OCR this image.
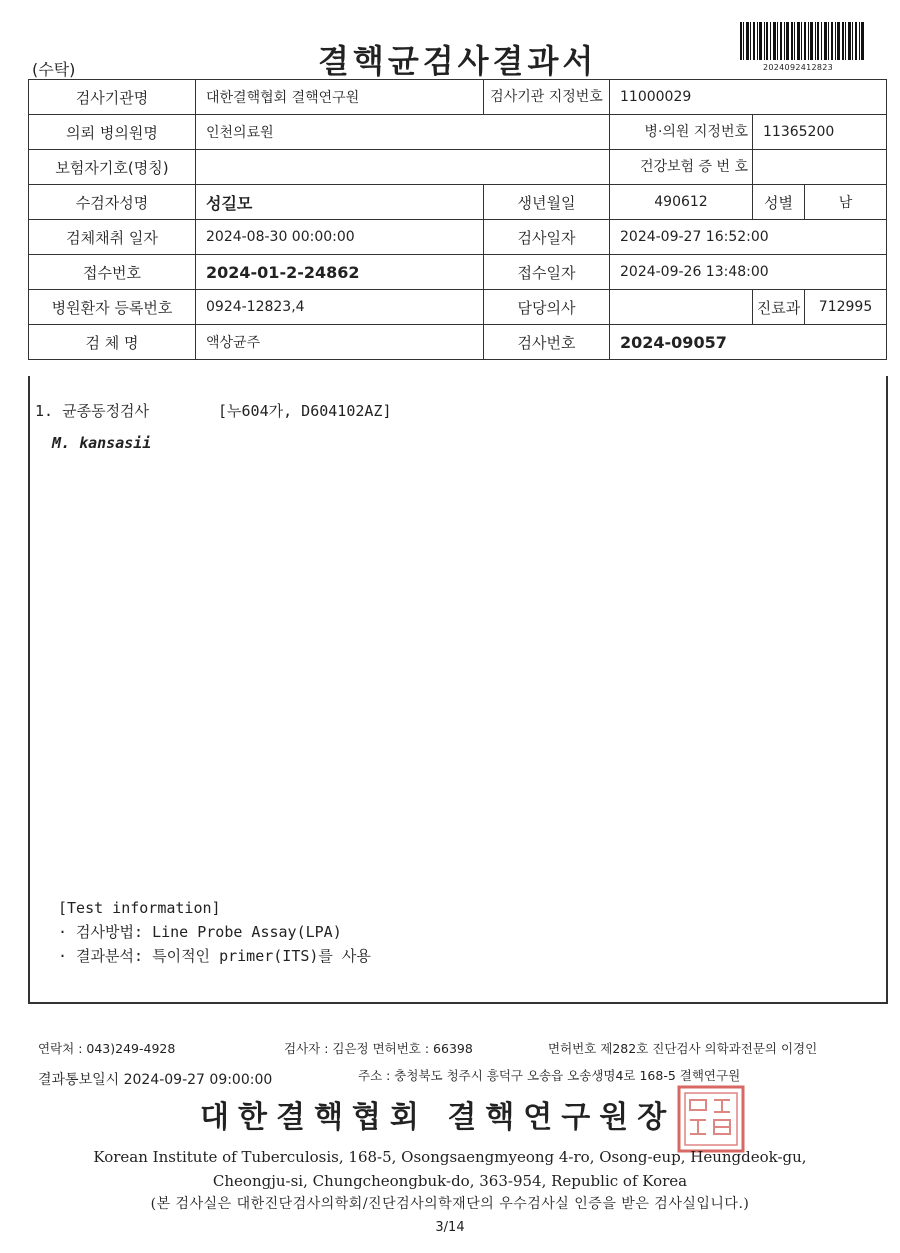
(수탁)	결핵균검사결과서	2024092412823
검사기관명	대한결핵협회 결핵연구원	검사기관 지정번호	11000029		
의뢰 병의원명	인천의료원		병·의원 지정번호	11365200	
보험자기호(명칭)			건강보험 증 번 호		
수검자성명	성길모	생년월일	490612	성별	남
검체채취 일자	2024-08-30 00:00:00	검사일자	2024-09-27 16:52:00		
접수번호	2024-01-2-24862	접수일자	2024-09-26 13:48:00		
병원환자 등록번호	0924-12823,4	담당의사		진료과	712995
검 체 명	액상균주	검사번호	2024-09057		
1. 균종동정검사	[누604가, D604102AZ]
M. kansasii
[Test information]
· 검사방법: Line Probe Assay(LPA)
· 결과분석: 특이적인 primer(ITS)를 사용
연락처 : 043)249-4928	검사자 : 김은정 면허번호 : 66398	면허번호 제282호 진단검사 의학과전문의 이경인
결과통보일시 2024-09-27 09:00:00	주소 : 충청북도 청주시 흥덕구 오송읍 오송생명4로 168-5 결핵연구원
대한결핵협회 결핵연구원장
Korean Institute of Tuberculosis, 168-5, Osongsaengmyeong 4-ro, Osong-eup, Heungdeok-gu,
Cheongju-si, Chungcheongbuk-do, 363-954, Republic of Korea
(본 검사실은 대한진단검사의학회/진단검사의학재단의 우수검사실 인증을 받은 검사실입니다.)
3/14
